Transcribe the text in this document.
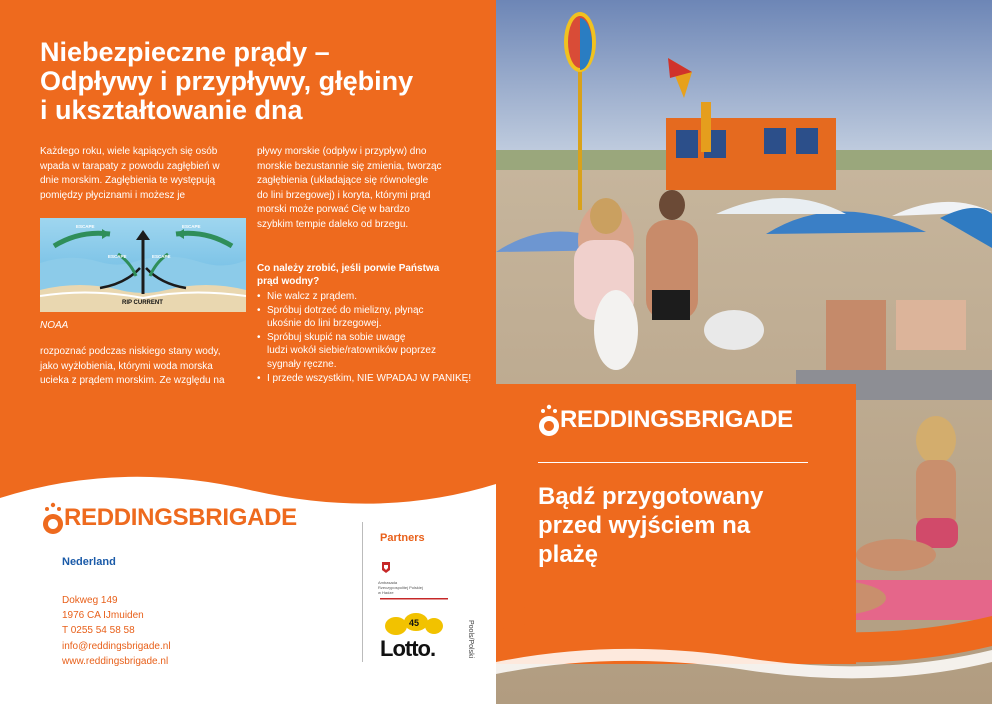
Niebezpieczne prądy –
Odpływy i przypływy, głębiny
i ukształtowanie dna

Każdego roku, wiele kąpiących się osób
wpada w tarapaty z powodu zagłębień w
dnie morskim. Zagłębienia te występują
pomiędzy płyciznami i możesz je

ESCAPE	ESCAPE
ESCAPE	ESCAPE
RIP CURRENT
NOAA

rozpoznać podczas niskiego stany wody,
jako wyżłobienia, którymi woda morska
ucieka z prądem morskim. Ze względu na

pływy morskie (odpływ i przypływ) dno
morskie bezustannie się zmienia, tworząc
zagłębienia (układające się równolegle
do lini brzegowej) i koryta, którymi prąd
morski może porwać Cię w bardzo
szybkim tempie daleko od brzegu.

Co należy zrobić, jeśli porwie Państwa
prąd wodny?

• Nie walcz z prądem.
• Spróbuj dotrzeć do mielizny, płynąc
ukośnie do lini brzegowej.
• Spróbuj skupić na sobie uwagę
ludzi wokół siebie/ratowników poprzez
sygnały ręczne.
• I przede wszystkim, NIE WPADAJ W PANIKĘ!
REDDINGSBRIGADE
Nederland
Dokweg 149
1976 CA IJmuiden
T 0255 54 58 58
info@reddingsbrigade.nl
www.reddingsbrigade.nl
Partners
Ambasada
Rzeczypospolitej Polskiej
w Hadze
45
Lotto.	Pools/Polski
REDDINGSBRIGADE
Bądź przygotowany
przed wyjściem na
plażę
